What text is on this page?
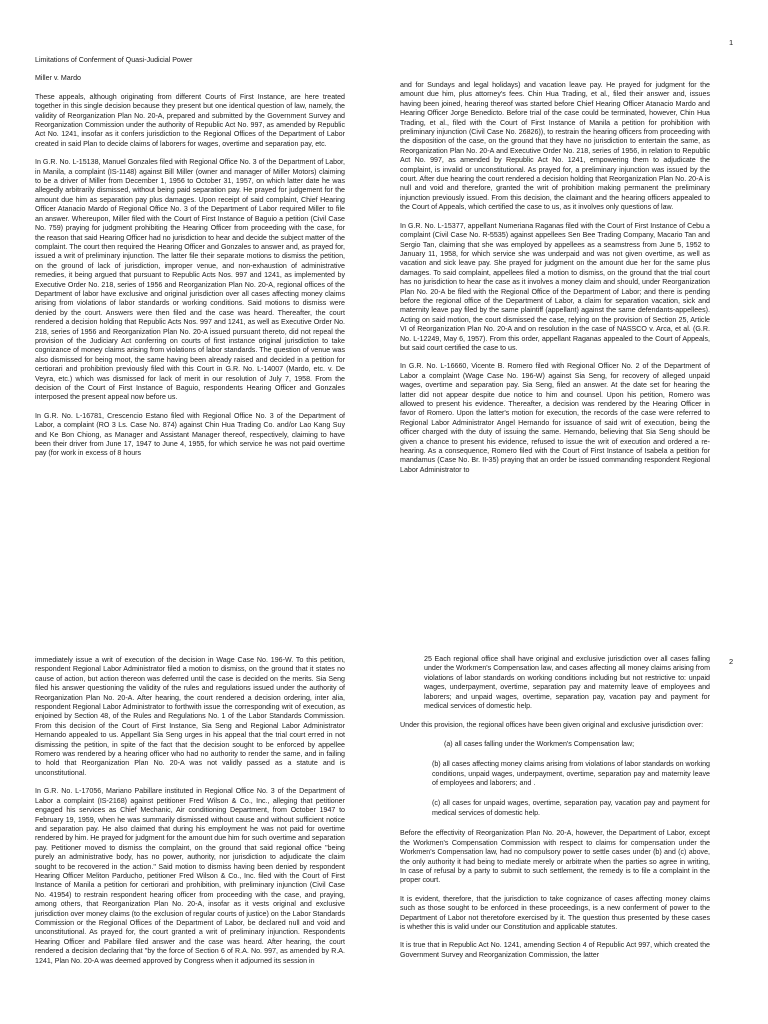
1

Limitations of Conferment of Quasi-Judicial Power

Miller v. Mardo

These appeals, although originating from different Courts of First Instance, are here treated together in this single decision because they present but one identical question of law, namely, the validity of Reorganization Plan No. 20-A, prepared and submitted by the Government Survey and Reorganization Commission under the authority of Republic Act No. 997, as amended by Republic Act No. 1241, insofar as it confers jurisdiction to the Regional Offices of the Department of Labor created in said Plan to decide claims of laborers for wages, overtime and separation pay, etc.

In G.R. No. L-15138, Manuel Gonzales filed with Regional Office No. 3 of the Department of Labor, in Manila, a complaint (IS-1148) against Bill Miller (owner and manager of Miller Motors) claiming to be a driver of Miller from December 1, 1956 to October 31, 1957, on which latter date he was allegedly arbitrarily dismissed, without being paid separation pay. He prayed for judgement for the amount due him as separation pay plus damages. Upon receipt of said complaint, Chief Hearing Officer Atanacio Mardo of Regional Office No. 3 of the Department of Labor required Miller to file an answer. Whereupon, Miller filed with the Court of First Instance of Baguio a petition (Civil Case No. 759) praying for judgment prohibiting the Hearing Officer from proceeding with the case, for the reason that said Hearing Officer had no jurisdiction to hear and decide the subject matter of the complaint. The court then required the Hearing Officer and Gonzales to answer and, as prayed for, issued a writ of preliminary injunction. The latter file their separate motions to dismiss the petition, on the ground of lack of jurisdiction, improper venue, and non-exhaustion of administrative remedies, it being argued that pursuant to Republic Acts Nos. 997 and 1241, as implemented by Executive Order No. 218, series of 1956 and Reorganization Plan No. 20-A, regional offices of the Department of labor have exclusive and original jurisdiction over all cases affecting money claims arising from violations of labor standards or working conditions. Said motions to dismiss were denied by the court. Answers were then filed and the case was heard. Thereafter, the court rendered a decision holding that Republic Acts Nos. 997 and 1241, as well as Executive Order No. 218, series of 1956 and Reorganization Plan No. 20-A issued pursuant thereto, did not repeal the provision of the Judiciary Act conferring on courts of first instance original jurisdiction to take cognizance of money claims arising from violations of labor standards. The question of venue was also dismissed for being moot, the same having been already raised and decided in a petition for certiorari and prohibition previously filed with this Court in G.R. No. L-14007 (Mardo, etc. v. De Veyra, etc.) which was dismissed for lack of merit in our resolution of July 7, 1958. From the decision of the Court of First Instance of Baguio, respondents Hearing Officer and Gonzales interposed the present appeal now before us.

In G.R. No. L-16781, Crescencio Estano filed with Regional Office No. 3 of the Department of Labor, a complaint (RO 3 Ls. Case No. 874) against Chin Hua Trading Co. and/or Lao Kang Suy and Ke Bon Chiong, as Manager and Assistant Manager thereof, respectively, claiming to have been their driver from June 17, 1947 to June 4, 1955, for which service he was not paid overtime pay (for work in excess of 8 hours

and for Sundays and legal holidays) and vacation leave pay. He prayed for judgment for the amount due him, plus attorney's fees. Chin Hua Trading, et al., filed their answer and, issues having been joined, hearing thereof was started before Chief Hearing Officer Atanacio Mardo and Hearing Officer Jorge Benedicto. Before trial of the case could be terminated, however, Chin Hua Trading, et al., filed with the Court of First Instance of Manila a petition for prohibition with preliminary injunction (Civil Case No. 26826)), to restrain the hearing officers from proceeding with the disposition of the case, on the ground that they have no jurisdiction to entertain the same, as Reorganization Plan No. 20-A and Executive Order No. 218, series of 1956, in relation to Republic Act No. 997, as amended by Republic Act No. 1241, empowering them to adjudicate the complaint, is invalid or unconstitutional. As prayed for, a preliminary injunction was issued by the court. After due hearing the court rendered a decision holding that Reorganization Plan No. 20-A is null and void and therefore, granted the writ of prohibition making permanent the preliminary injunction previously issued. From this decision, the claimant and the hearing officers appealed to the Court of Appeals, which certified the case to us, as it involves only questions of law.

In G.R. No. L-15377, appellant Numeriana Raganas filed with the Court of First Instance of Cebu a complaint (Civil Case No. R-5535) against appellees Sen Bee Trading Company, Macario Tan and Sergio Tan, claiming that she was employed by appellees as a seamstress from June 5, 1952 to January 11, 1958, for which service she was underpaid and was not given overtime, as well as vacation and sick leave pay. She prayed for judgment on the amount due her for the same plus damages. To said complaint, appellees filed a motion to dismiss, on the ground that the trial court has no jurisdiction to hear the case as it involves a money claim and should, under Reorganization Plan No. 20-A be filed with the Regional Office of the Department of Labor; and there is pending before the regional office of the Department of Labor, a claim for separation vacation, sick and maternity leave pay filed by the same plaintiff (appellant) against the same defendants-appellees). Acting on said motion, the court dismissed the case, relying on the provision of Section 25, Article VI of Reorganization Plan No. 20-A and on resolution in the case of NASSCO v. Arca, et al. (G.R. No. L-12249, May 6, 1957). From this order, appellant Raganas appealed to the Court of Appeals, but said court certified the case to us.

In G.R. No. L-16660, Vicente B. Romero filed with Regional Officer No. 2 of the Department of Labor a complaint (Wage Case No. 196-W) against Sia Seng, for recovery of alleged unpaid wages, overtime and separation pay. Sia Seng, filed an answer. At the date set for hearing the latter did not appear despite due notice to him and counsel. Upon his petition, Romero was allowed to present his evidence. Thereafter, a decision was rendered by the Hearing Officer in favor of Romero. Upon the latter's motion for execution, the records of the case were referred to Regional Labor Administrator Angel Hernando for issuance of said writ of execution, being the officer charged with the duty of issuing the same. Hernando, believing that Sia Seng should be given a chance to present his evidence, refused to issue the writ of execution and ordered a re-hearing. As a consequence, Romero filed with the Court of First Instance of Isabela a petition for mandamus (Case No. Br. II-35) praying that an order be issued commanding respondent Regional Labor Administrator to

2

immediately issue a writ of execution of the decision in Wage Case No. 196-W. To this petition, respondent Regional Labor Administrator filed a motion to dismiss, on the ground that it states no cause of action, but action thereon was deferred until the case is decided on the merits. Sia Seng filed his answer questioning the validity of the rules and regulations issued under the authority of Reorganization Plan No. 20-A. After hearing, the court rendered a decision ordering, inter alia, respondent Regional Labor Administrator to forthwith issue the corresponding writ of execution, as enjoined by Section 48, of the Rules and Regulations No. 1 of the Labor Standards Commission. From this decision of the Court of First Instance, Sia Seng and Regional Labor Administrator Hernando appealed to us. Appellant Sia Seng urges in his appeal that the trial court erred in not dismissing the petition, in spite of the fact that the decision sought to be enforced by appellee Romero was rendered by a hearing officer who had no authority to render the same, and in failing to hold that Reorganization Plan No. 20-A was not validly passed as a statute and is unconstitutional.

In G.R. No. L-17056, Mariano Pabillare instituted in Regional Office No. 3 of the Department of Labor a complaint (IS-2168) against petitioner Fred Wilson & Co., Inc., alleging that petitioner engaged his services as Chief Mechanic, Air conditioning Department, from October 1947 to February 19, 1959, when he was summarily dismissed without cause and without sufficient notice and separation pay. He also claimed that during his employment he was not paid for overtime rendered by him. He prayed for judgment for the amount due him for such overtime and separation pay. Petitioner moved to dismiss the complaint, on the ground that said regional office "being purely an administrative body, has no power, authority, nor jurisdiction to adjudicate the claim sought to be recovered in the action." Said motion to dismiss having been denied by respondent Hearing Officer Meliton Parducho, petitioner Fred Wilson & Co., Inc. filed with the Court of First Instance of Manila a petition for certiorari and prohibition, with preliminary injunction (Civil Case No. 41954) to restrain respondent hearing officer from proceeding with the case, and praying, among others, that Reorganization Plan No. 20-A, insofar as it vests original and exclusive jurisdiction over money claims (to the exclusion of regular courts of justice) on the Labor Standards Commission or the Regional Offices of the Department of Labor, be declared null and void and unconstitutional. As prayed for, the court granted a writ of preliminary injunction. Respondents Hearing Officer and Pabillare filed answer and the case was heard. After hearing, the court rendered a decision declaring that "by the force of Section 6 of R.A. No. 997, as amended by R.A. 1241, Plan No. 20-A was deemed approved by Congress when it adjourned its session in

25 Each regional office shall have original and exclusive jurisdiction over all cases falling under the Workmen's Compensation law, and cases affecting all money claims arising from violations of labor standards on working conditions including but not restrictive to: unpaid wages, underpayment, overtime, separation pay and maternity leave of employees and laborers; and unpaid wages, overtime, separation pay, vacation pay and payment for medical services of domestic help.

Under this provision, the regional offices have been given original and exclusive jurisdiction over:

(a) all cases falling under the Workmen's Compensation law;

(b) all cases affecting money claims arising from violations of labor standards on working conditions, unpaid wages, underpayment, overtime, separation pay and maternity leave of employees and laborers; and .

(c) all cases for unpaid wages, overtime, separation pay, vacation pay and payment for medical services of domestic help.

Before the effectivity of Reorganization Plan No. 20-A, however, the Department of Labor, except the Workmen's Compensation Commission with respect to claims for compensation under the Workmen's Compensation law, had no compulsory power to settle cases under (b) and (c) above, the only authority it had being to mediate merely or arbitrate when the parties so agree in writing, In case of refusal by a party to submit to such settlement, the remedy is to file a complaint in the proper court.

It is evident, therefore, that the jurisdiction to take cognizance of cases affecting money claims such as those sought to be enforced in these proceedings, is a new conferment of power to the Department of Labor not theretofore exercised by it. The question thus presented by these cases is whether this is valid under our Constitution and applicable statutes.

It is true that in Republic Act No. 1241, amending Section 4 of Republic Act 997, which created the Government Survey and Reorganization Commission, the latter
